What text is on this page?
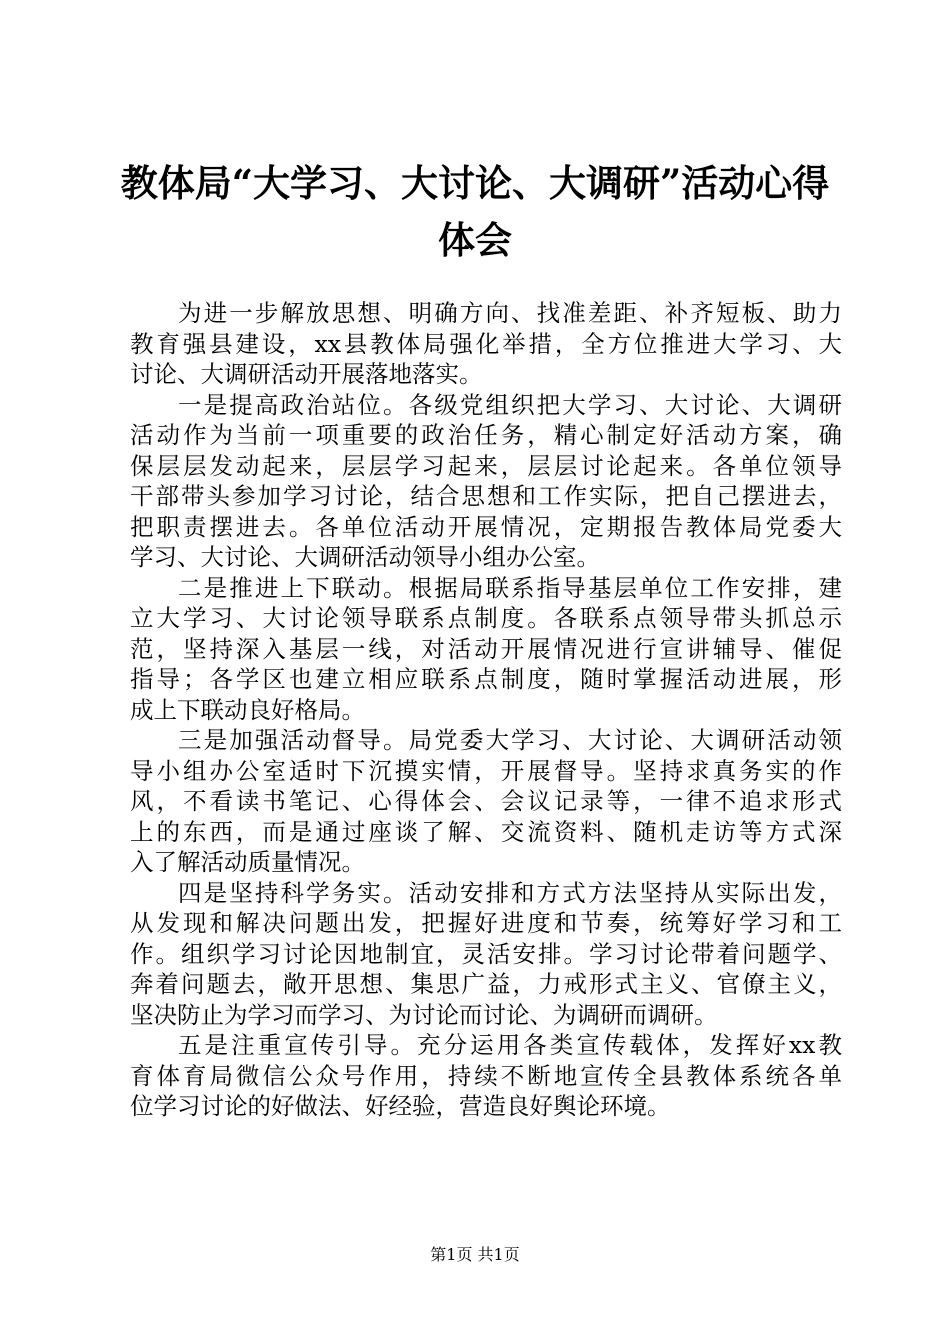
教体局“大学习、大讨论、大调研”活动心得
体会
为进一步解放思想、明确方向、找准差距、补齐短板、助力
教育强县建设，xx县教体局强化举措，全方位推进大学习、大
讨论、大调研活动开展落地落实。
一是提高政治站位。各级党组织把大学习、大讨论、大调研
活动作为当前一项重要的政治任务，精心制定好活动方案，确
保层层发动起来，层层学习起来，层层讨论起来。各单位领导
干部带头参加学习讨论，结合思想和工作实际，把自己摆进去，
把职责摆进去。各单位活动开展情况，定期报告教体局党委大
学习、大讨论、大调研活动领导小组办公室。
二是推进上下联动。根据局联系指导基层单位工作安排，建
立大学习、大讨论领导联系点制度。各联系点领导带头抓总示
范，坚持深入基层一线，对活动开展情况进行宣讲辅导、催促
指导；各学区也建立相应联系点制度，随时掌握活动进展，形
成上下联动良好格局。
三是加强活动督导。局党委大学习、大讨论、大调研活动领
导小组办公室适时下沉摸实情，开展督导。坚持求真务实的作
风，不看读书笔记、心得体会、会议记录等，一律不追求形式
上的东西，而是通过座谈了解、交流资料、随机走访等方式深
入了解活动质量情况。
四是坚持科学务实。活动安排和方式方法坚持从实际出发，
从发现和解决问题出发，把握好进度和节奏，统筹好学习和工
作。组织学习讨论因地制宜，灵活安排。学习讨论带着问题学、
奔着问题去，敞开思想、集思广益，力戒形式主义、官僚主义，
坚决防止为学习而学习、为讨论而讨论、为调研而调研。
五是注重宣传引导。充分运用各类宣传载体，发挥好xx教
育体育局微信公众号作用，持续不断地宣传全县教体系统各单
位学习讨论的好做法、好经验，营造良好舆论环境。
第1页 共1页
